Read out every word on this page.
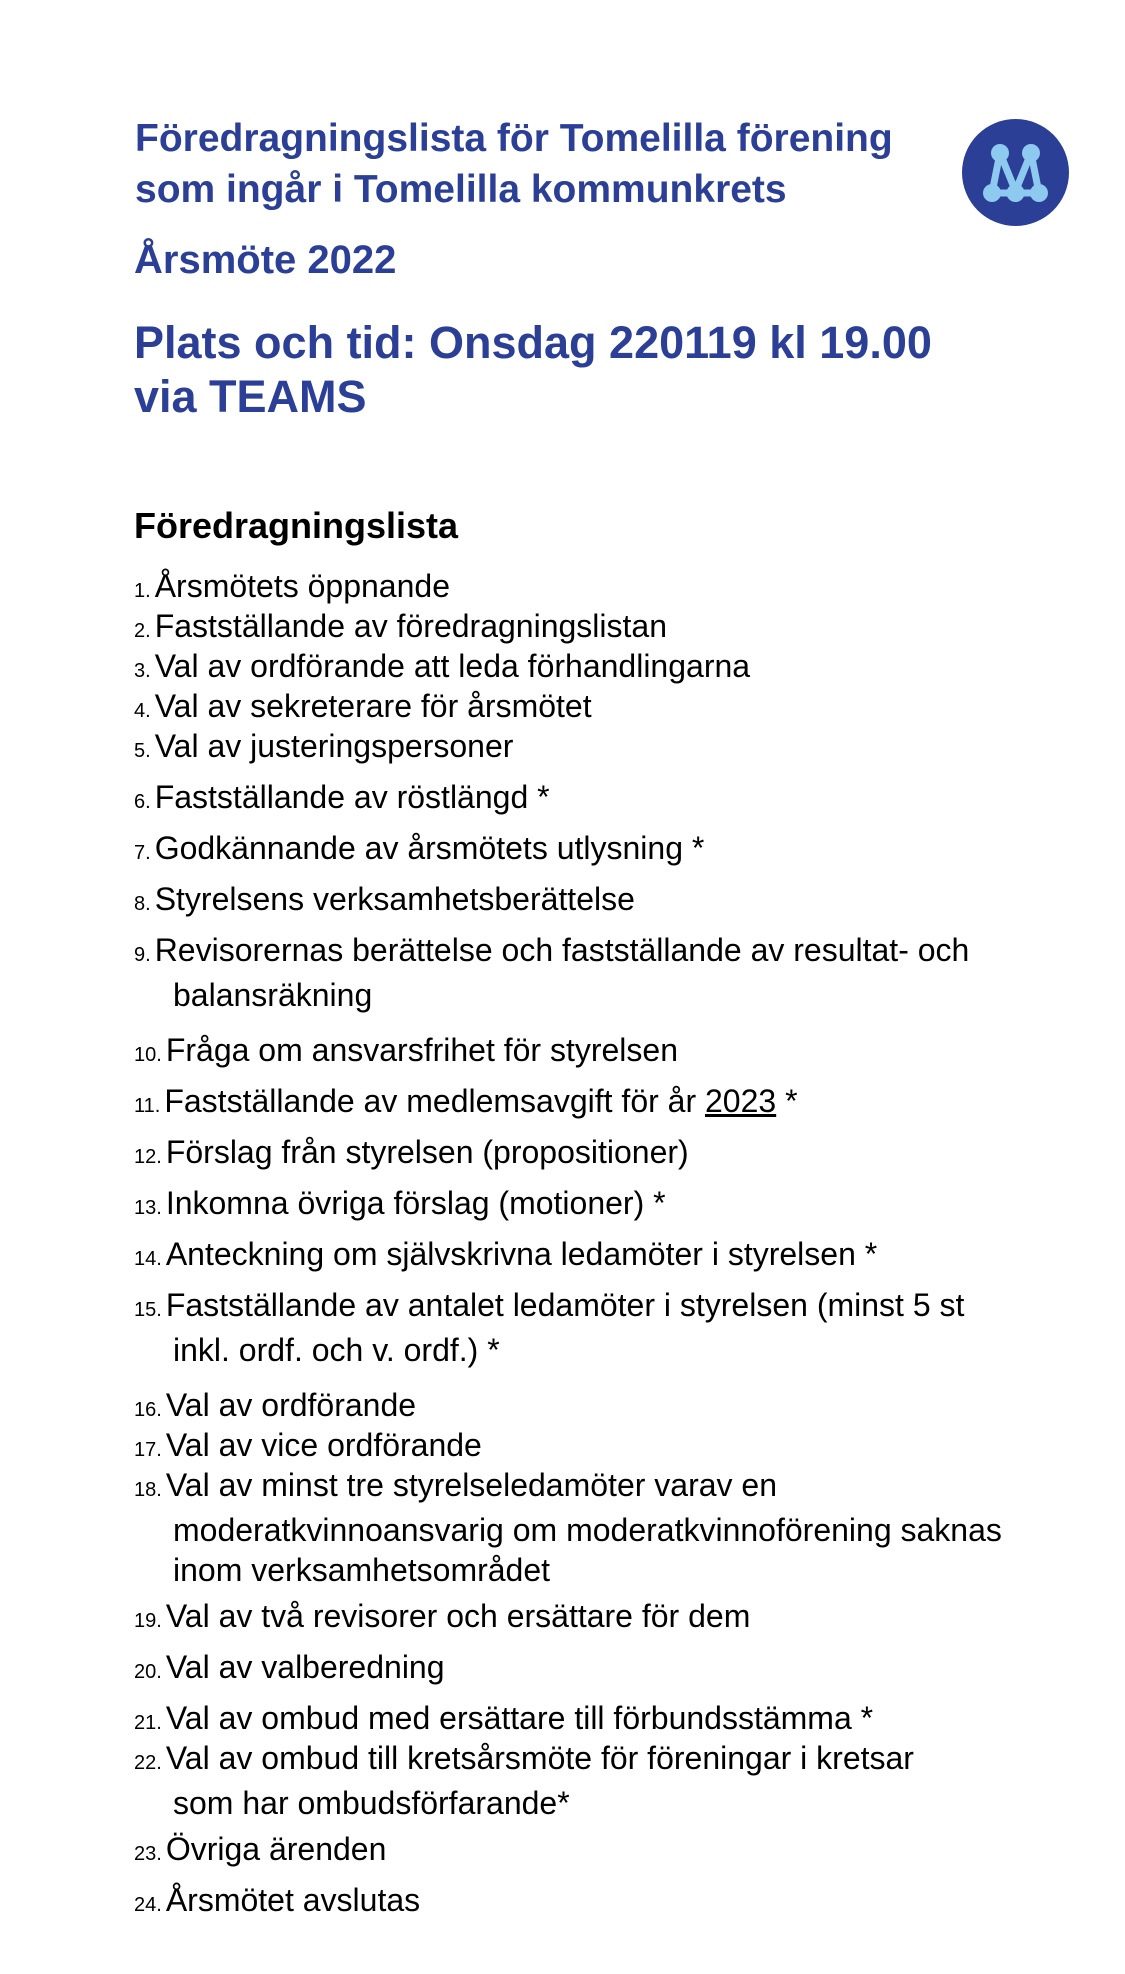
Föredragningslista för Tomelilla förening
som ingår i Tomelilla kommunkrets
Årsmöte 2022
Plats och tid: Onsdag 220119 kl 19.00
via TEAMS
Föredragningslista
1. Årsmötets öppnande
2. Fastställande av föredragningslistan
3. Val av ordförande att leda förhandlingarna
4. Val av sekreterare för årsmötet
5. Val av justeringspersoner
6. Fastställande av röstlängd *
7. Godkännande av årsmötets utlysning *
8. Styrelsens verksamhetsberättelse
9. Revisorernas berättelse och fastställande av resultat- och
balansräkning
10. Fråga om ansvarsfrihet för styrelsen
11. Fastställande av medlemsavgift för år 2023 *
12. Förslag från styrelsen (propositioner)
13. Inkomna övriga förslag (motioner) *
14. Anteckning om självskrivna ledamöter i styrelsen *
15. Fastställande av antalet ledamöter i styrelsen (minst 5 st
inkl. ordf. och v. ordf.) *
16. Val av ordförande
17. Val av vice ordförande
18. Val av minst tre styrelseledamöter varav en
moderatkvinnoansvarig om moderatkvinnoförening saknas
inom verksamhetsområdet
19. Val av två revisorer och ersättare för dem
20. Val av valberedning
21. Val av ombud med ersättare till förbundsstämma *
22. Val av ombud till kretsårsmöte för föreningar i kretsar
som har ombudsförfarande*
23. Övriga ärenden
24. Årsmötet avslutas
